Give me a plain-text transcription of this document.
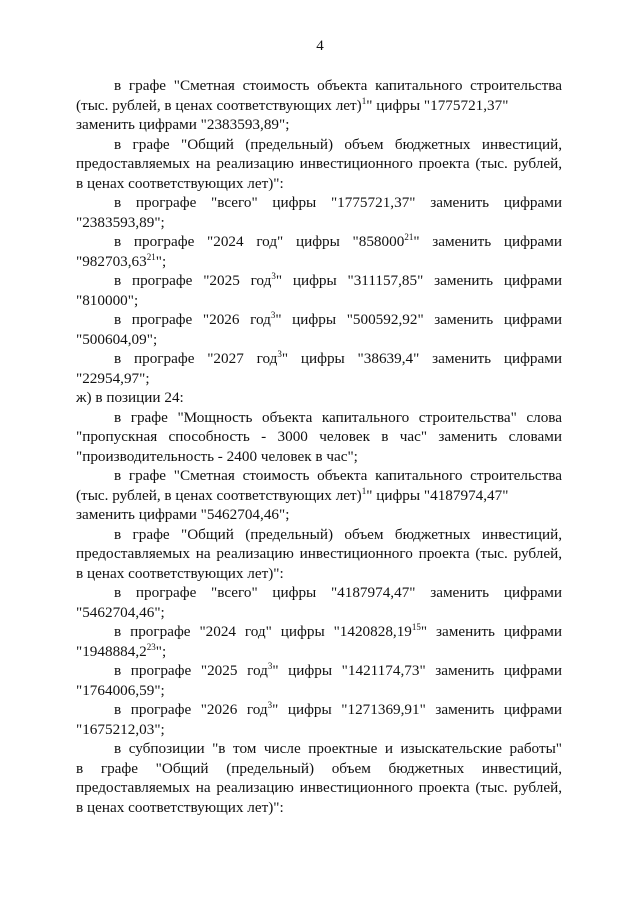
4

в графе "Сметная стоимость объекта капитального строительства
(тыс. рублей, в ценах соответствующих лет)$^1$" цифры "1775721,37"
заменить цифрами "2383593,89";

в графе "Общий (предельный) объем бюджетных инвестиций,
предоставляемых на реализацию инвестиционного проекта (тыс. рублей,
в ценах соответствующих лет)":

в прографе "всего" цифры "1775721,37" заменить цифрами
"2383593,89";

в прографе "2024 год" цифры "858000$^{21}$" заменить цифрами
"982703,63$^{21}$";

в прографе "2025 год$^3$" цифры "311157,85" заменить цифрами
"810000";

в прографе "2026 год$^3$" цифры "500592,92" заменить цифрами
"500604,09";

в прографе "2027 год$^3$" цифры "38639,4" заменить цифрами
"22954,97";

ж) в позиции 24:

в графе "Мощность объекта капитального строительства" слова
"пропускная способность - 3000 человек в час" заменить словами
"производительность - 2400 человек в час";

в графе "Сметная стоимость объекта капитального строительства
(тыс. рублей, в ценах соответствующих лет)$^1$" цифры "4187974,47"
заменить цифрами "5462704,46";

в графе "Общий (предельный) объем бюджетных инвестиций,
предоставляемых на реализацию инвестиционного проекта (тыс. рублей,
в ценах соответствующих лет)":

в прографе "всего" цифры "4187974,47" заменить цифрами
"5462704,46";

в прографе "2024 год" цифры "1420828,19$^{15}$" заменить цифрами
"1948884,2$^{23}$";

в прографе "2025 год$^3$" цифры "1421174,73" заменить цифрами
"1764006,59";

в прографе "2026 год$^3$" цифры "1271369,91" заменить цифрами
"1675212,03";

в субпозиции "в том числе проектные и изыскательские работы"
в графе "Общий (предельный) объем бюджетных инвестиций,
предоставляемых на реализацию инвестиционного проекта (тыс. рублей,
в ценах соответствующих лет)":
